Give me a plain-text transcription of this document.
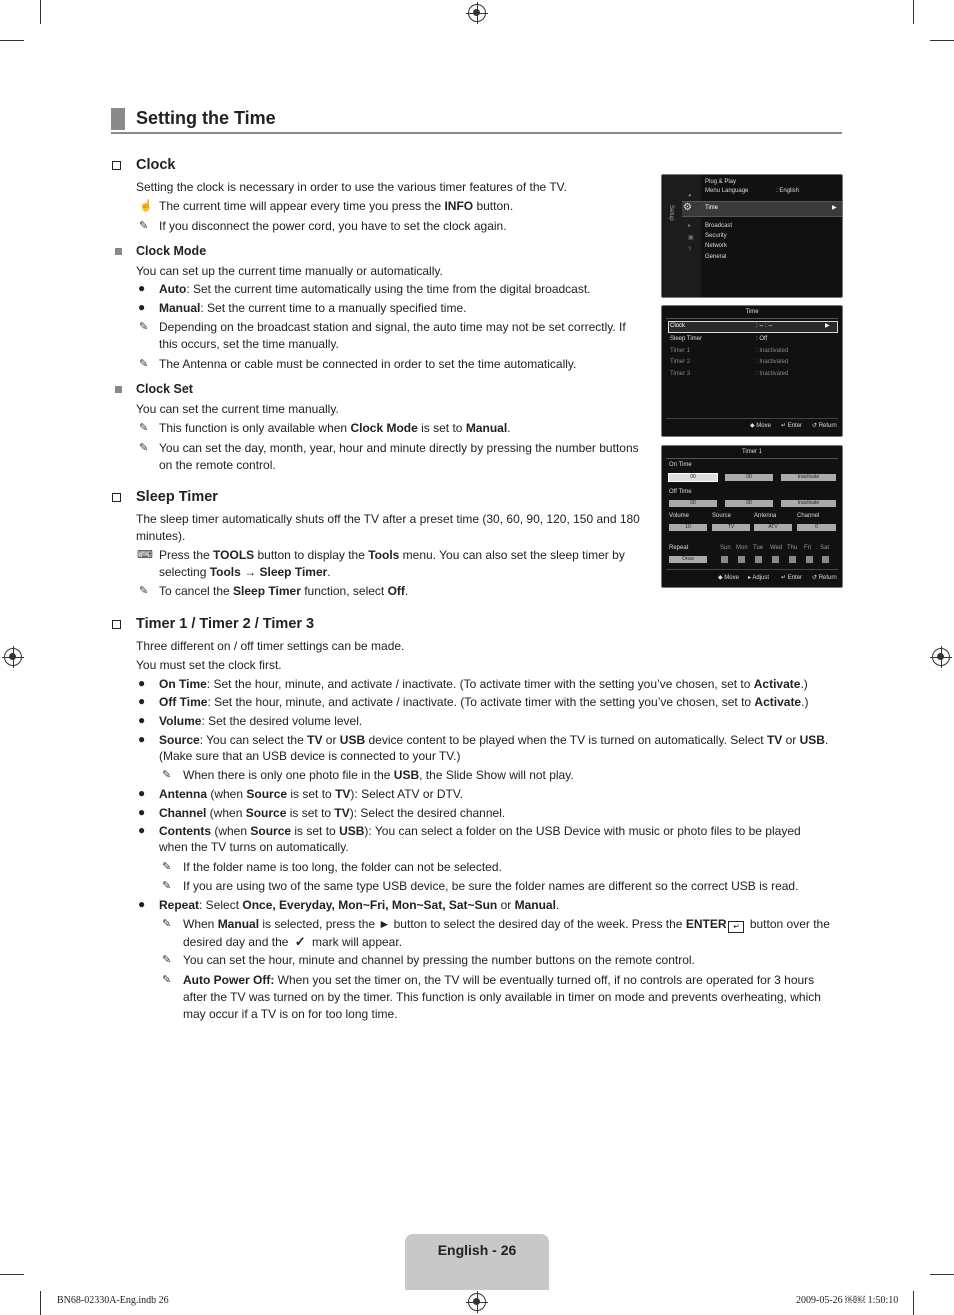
Setting the Time
Clock
Setting the clock is necessary in order to use the various timer features of the TV.
☝ The current time will appear every time you press the INFO button.
✎ If you disconnect the power cord, you have to set the clock again.
Clock Mode
You can set up the current time manually or automatically.
● Auto: Set the current time automatically using the time from the digital broadcast.
● Manual: Set the current time to a manually specified time.
✎ Depending on the broadcast station and signal, the auto time may not be set correctly. If
this occurs, set the time manually.
✎ The Antenna or cable must be connected in order to set the time automatically.
Clock Set
You can set the current time manually.
✎ This function is only available when Clock Mode is set to Manual.
✎ You can set the day, month, year, hour and minute directly by pressing the number buttons
on the remote control.
Sleep Timer
The sleep timer automatically shuts off the TV after a preset time (30, 60, 90, 120, 150 and 180
minutes).
⌨ Press the TOOLS button to display the Tools menu. You can also set the sleep timer by
selecting Tools → Sleep Timer.
✎ To cancel the Sleep Timer function, select Off.
Timer 1 / Timer 2 / Timer 3
Three different on / off timer settings can be made.
You must set the clock first.
● On Time: Set the hour, minute, and activate / inactivate. (To activate timer with the setting you’ve chosen, set to Activate.)
● Off Time: Set the hour, minute, and activate / inactivate. (To activate timer with the setting you’ve chosen, set to Activate.)
● Volume: Set the desired volume level.
● Source: You can select the TV or USB device content to be played when the TV is turned on automatically. Select TV or USB.
(Make sure that an USB device is connected to your TV.)
✎ When there is only one photo file in the USB, the Slide Show will not play.
● Antenna (when Source is set to TV): Select ATV or DTV.
● Channel (when Source is set to TV): Select the desired channel.
● Contents (when Source is set to USB): You can select a folder on the USB Device with music or photo files to be played
when the TV turns on automatically.
✎ If the folder name is too long, the folder can not be selected.
✎ If you are using two of the same type USB device, be sure the folder names are different so the correct USB is read.
● Repeat: Select Once, Everyday, Mon~Fri, Mon~Sat, Sat~Sun or Manual.
✎ When Manual is selected, press the ► button to select the desired day of the week. Press the ENTER ↵ button over the
desired day and the ✓ mark will appear.
✎ You can set the hour, minute and channel by pressing the number buttons on the remote control.
✎ Auto Power Off: When you set the timer on, the TV will be eventually turned off, if no controls are operated for 3 hours
after the TV was turned on by the timer. This function is only available in timer on mode and prevents overheating, which
may occur if a TV is on for too long time.
Setup
●
⚙
▸
▣
?
Plug & Play
Menu Language	: English
Time	▶
Broadcast
Security
Network
General
Time
Clock	: -- : --	▶
Sleep Timer	: Off
Timer 1	: Inactivated
Timer 2	: Inactivated
Timer 3	: Inactivated
◆ Move ↵ Enter ↺ Return
Timer 1
On Time
00	00	Inactivate
Off Time
00	00	Inactivate
Volume	Source	Antenna	Channel
10	TV	ATV	0
Repeat
Once
Sun Mon Tue Wed Thu Fri Sat
◆ Move ▸ Adjust ↵ Enter ↺ Return
English - 26
BN68-02330A-Eng.indb 26	2009-05-26 ￼￼ 1:50:10
